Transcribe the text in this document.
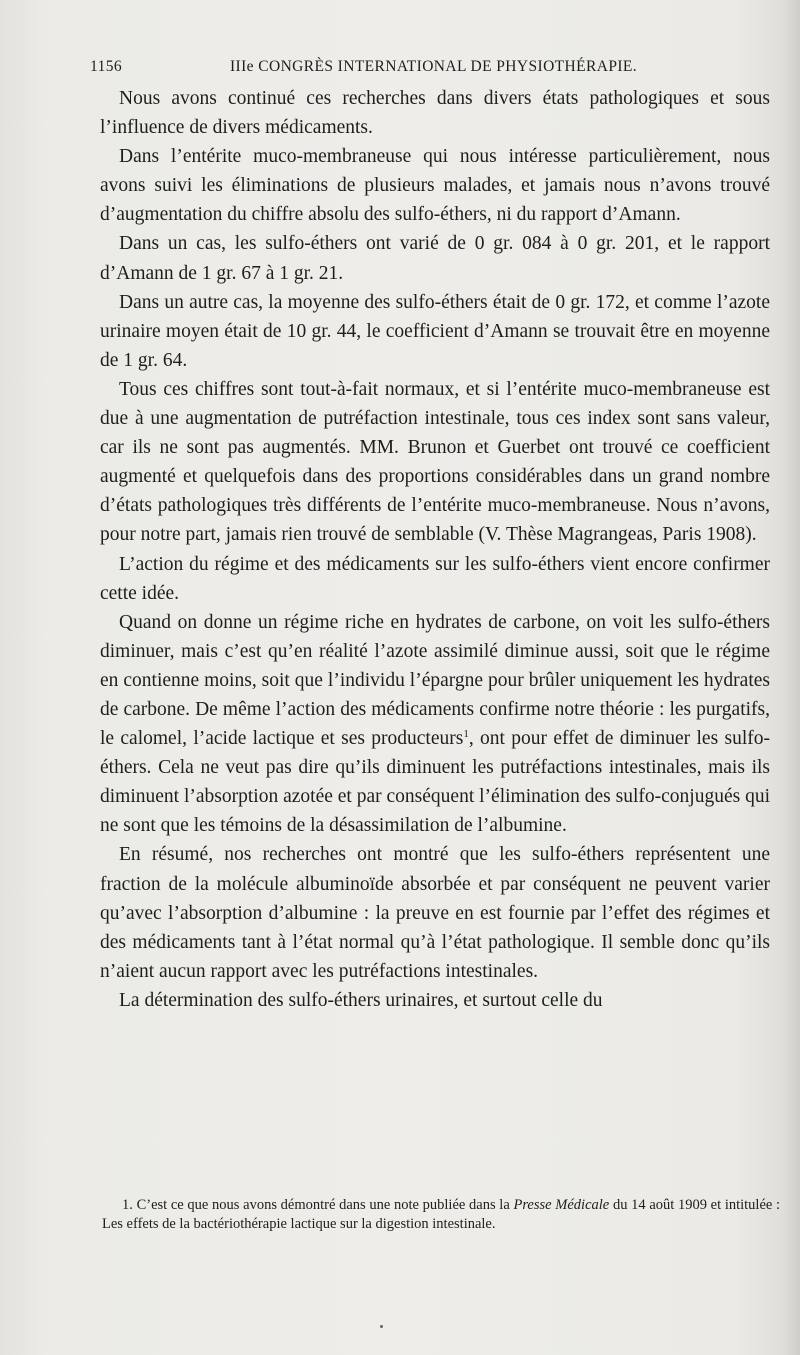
1156	IIIe CONGRÈS INTERNATIONAL DE PHYSIOTHÉRAPIE.

Nous avons continué ces recherches dans divers états pathologiques et sous l’influence de divers médicaments.

Dans l’entérite muco-membraneuse qui nous intéresse particulièrement, nous avons suivi les éliminations de plusieurs malades, et jamais nous n’avons trouvé d’augmentation du chiffre absolu des sulfo-éthers, ni du rapport d’Amann.

Dans un cas, les sulfo-éthers ont varié de 0 gr. 084 à 0 gr. 201, et le rapport d’Amann de 1 gr. 67 à 1 gr. 21.

Dans un autre cas, la moyenne des sulfo-éthers était de 0 gr. 172, et comme l’azote urinaire moyen était de 10 gr. 44, le coefficient d’Amann se trouvait être en moyenne de 1 gr. 64.

Tous ces chiffres sont tout-à-fait normaux, et si l’entérite muco-membraneuse est due à une augmentation de putréfaction intestinale, tous ces index sont sans valeur, car ils ne sont pas augmentés. MM. Brunon et Guerbet ont trouvé ce coefficient augmenté et quelquefois dans des proportions considérables dans un grand nombre d’états pathologiques très différents de l’entérite muco-membraneuse. Nous n’avons, pour notre part, jamais rien trouvé de semblable (V. Thèse Magrangeas, Paris 1908).

L’action du régime et des médicaments sur les sulfo-éthers vient encore confirmer cette idée.

Quand on donne un régime riche en hydrates de carbone, on voit les sulfo-éthers diminuer, mais c’est qu’en réalité l’azote assimilé diminue aussi, soit que le régime en contienne moins, soit que l’individu l’épargne pour brûler uniquement les hydrates de carbone. De même l’action des médicaments confirme notre théorie : les purgatifs, le calomel, l’acide lactique et ses producteurs$^1$, ont pour effet de diminuer les sulfo-éthers. Cela ne veut pas dire qu’ils diminuent les putréfactions intestinales, mais ils diminuent l’absorption azotée et par conséquent l’élimination des sulfo-conjugués qui ne sont que les témoins de la désassimilation de l’albumine.

En résumé, nos recherches ont montré que les sulfo-éthers représentent une fraction de la molécule albuminoïde absorbée et par conséquent ne peuvent varier qu’avec l’absorption d’albumine : la preuve en est fournie par l’effet des régimes et des médicaments tant à l’état normal qu’à l’état pathologique. Il semble donc qu’ils n’aient aucun rapport avec les putréfactions intestinales.

La détermination des sulfo-éthers urinaires, et surtout celle du

1. C’est ce que nous avons démontré dans une note publiée dans la Presse Médicale du 14 août 1909 et intitulée : Les effets de la bactériothérapie lactique sur la digestion intestinale.
